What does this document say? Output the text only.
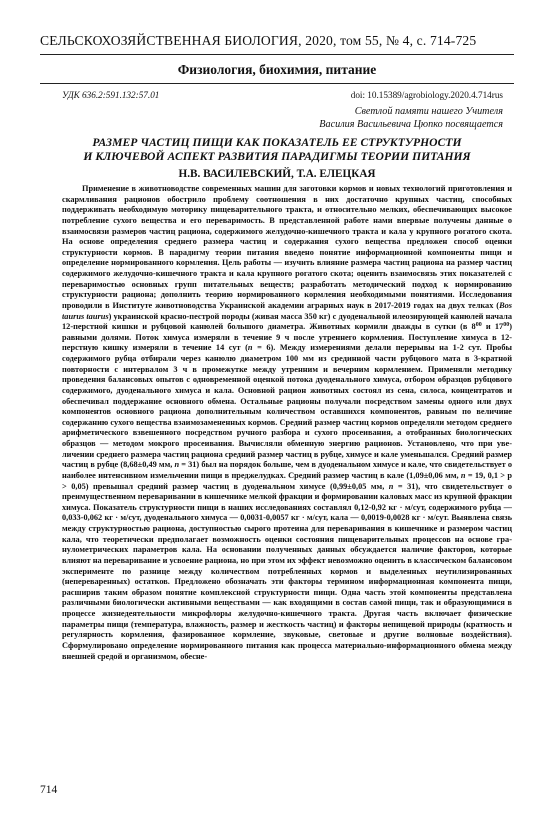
СЕЛЬСКОХОЗЯЙСТВЕННАЯ БИОЛОГИЯ, 2020, том 55, № 4, с. 714-725
Физиология, биохимия, питание
УДК 636.2:591.132:57.01	doi: 10.15389/agrobiology.2020.4.714rus
Светлой памяти нашего Учителя
Василия Васильевича Цюпко посвящается
РАЗМЕР ЧАСТИЦ ПИЩИ КАК ПОКАЗАТЕЛЬ ЕЕ СТРУКТУРНОСТИ
И КЛЮЧЕВОЙ АСПЕКТ РАЗВИТИЯ ПАРАДИГМЫ ТЕОРИИ ПИТАНИЯ
Н.В. ВАСИЛЕВСКИЙ, Т.А. ЕЛЕЦКАЯ

Применение в животноводстве современных машин для заготовки кормов и новых технологий приготовления и скармливания рационов обострило проблему соотношения в них достаточно крупных частиц, способных поддерживать необходимую моторику пищеварительного тракта, и относительно мелких, обеспечивающих высокое потребление сухого вещества и его переваримость. В представленной работе нами впервые получены данные о взаимосвязи размеров частиц рациона, содержимого желудочно-кишечного тракта и кала у крупного рогатого скота. На основе определения среднего размера частиц и содержания сухого вещества предложен способ оценки структурности кормов. В парадигму теории питания введено понятие информационной компоненты пищи и определение нормированного кормления. Цель работы — изучить влияние размера частиц рациона на размер частиц содержимого желудочно-кишечного тракта и кала крупного рогатого скота; оценить взаимосвязь этих показателей с переваримостью основных групп питательных веществ; разработать методический подход к нормированию структурности рациона; дополнить теорию нормированного кормления необходимыми понятиями. Исследования проводили в Институте животноводства Украинской академии аграрных наук в 2017-2019 годах на двух телках (Bos taurus taurus) украинской красно-пестрой породы (живая масса 350 кг) с дуоденальной илеозирующей канюлей начала 12-перстной кишки и рубцовой канюлей большого диаметра. Животных кормили дважды в сутки (в $8^{00}$ и $17^{00}$) равными долями. Поток химуса измеряли в течение 9 ч после утреннего кормления. Поступление химуса в 12-перстную кишку измеряли в течение 14 сут (n = 6). Между измерениями делали перерывы на 1-2 сут. Пробы содержимого рубца отбирали через канюлю диаметром 100 мм из срединной части рубцового мата в 3-кратной повторности с интервалом 3 ч в промежутке между утренним и вечерним кормлением. Применяли методику проведения балансовых опытов с одновременной оценкой потока дуоденального химуса, отбором образцов рубцового содержимого, дуоденального химуса и кала. Основной рацион животных состоял из сена, силоса, концентратов и обеспечивал поддержание основного обмена. Остальные рационы получали посредством замены одного или двух компонентов основного рациона дополнительным количеством оставшихся компонентов, равным по величине содержанию сухого вещества взаимозамененных кормов. Средний размер частиц кормов определяли методом среднего арифметического взвешенного посредством ручного разбора и сухого просеивания, а отобранных биологических образцов — методом мокрого просеивания. Вычисляли обменную энергию рационов. Установлено, что при увеличении среднего размера частиц рациона средний размер частиц в рубце, химусе и кале уменьшался. Средний размер частиц в рубце (8,68±0,49 мм, n = 31) был на порядок больше, чем в дуоденальном химусе и кале, что свидетельствует о наиболее интенсивном измельчении пищи в преджелудках. Средний размер частиц в кале (1,09±0,06 мм, n = 19, 0,1 > p > 0,05) превышал средний размер частиц в дуоденальном химусе (0,99±0,05 мм, n = 31), что свидетельствует о преимущественном переваривании в кишечнике мелкой фракции и формировании каловых масс из крупной фракции химуса. Показатель структурности пищи в наших исследованиях составлял 0,12-0,92 кг · м/сут, содержимого рубца — 0,033-0,062 кг · м/сут, дуоденального химуса — 0,0031-0,0057 кг · м/сут, кала — 0,0019-0,0028 кг · м/сут. Выявлена связь между структурностью рациона, доступностью сырого протеина для переваривания в кишечнике и размером частиц кала, что теоретически предполагает возможность оценки состояния пищеварительных процессов на основе гранулометрических параметров кала. На основании полученных данных обсуждается наличие факторов, которые влияют на переваривание и усвоение рациона, но при этом их эффект невозможно оценить в классическом балансовом эксперименте по разнице между количеством потребленных кормов и выделенных неутилизированных (непереваренных) остатков. Предложено обозначать эти факторы термином информационная компонента пищи, расширив таким образом понятие комплексной структурности пищи. Одна часть этой компоненты представлена различными биологически активными веществами — как входящими в состав самой пищи, так и образующимися в процессе жизнедеятельности микрофлоры желудочно-кишечного тракта. Другая часть включает физические параметры пищи (температура, влажность, размер и жесткость частиц) и факторы непищевой природы (кратность и регулярность кормления, фазированное кормление, звуковые, световые и другие волновые воздействия). Сформулировано определение нормированного питания как процесса материально-информационного обмена между внешней средой и организмом, обесне-

714
